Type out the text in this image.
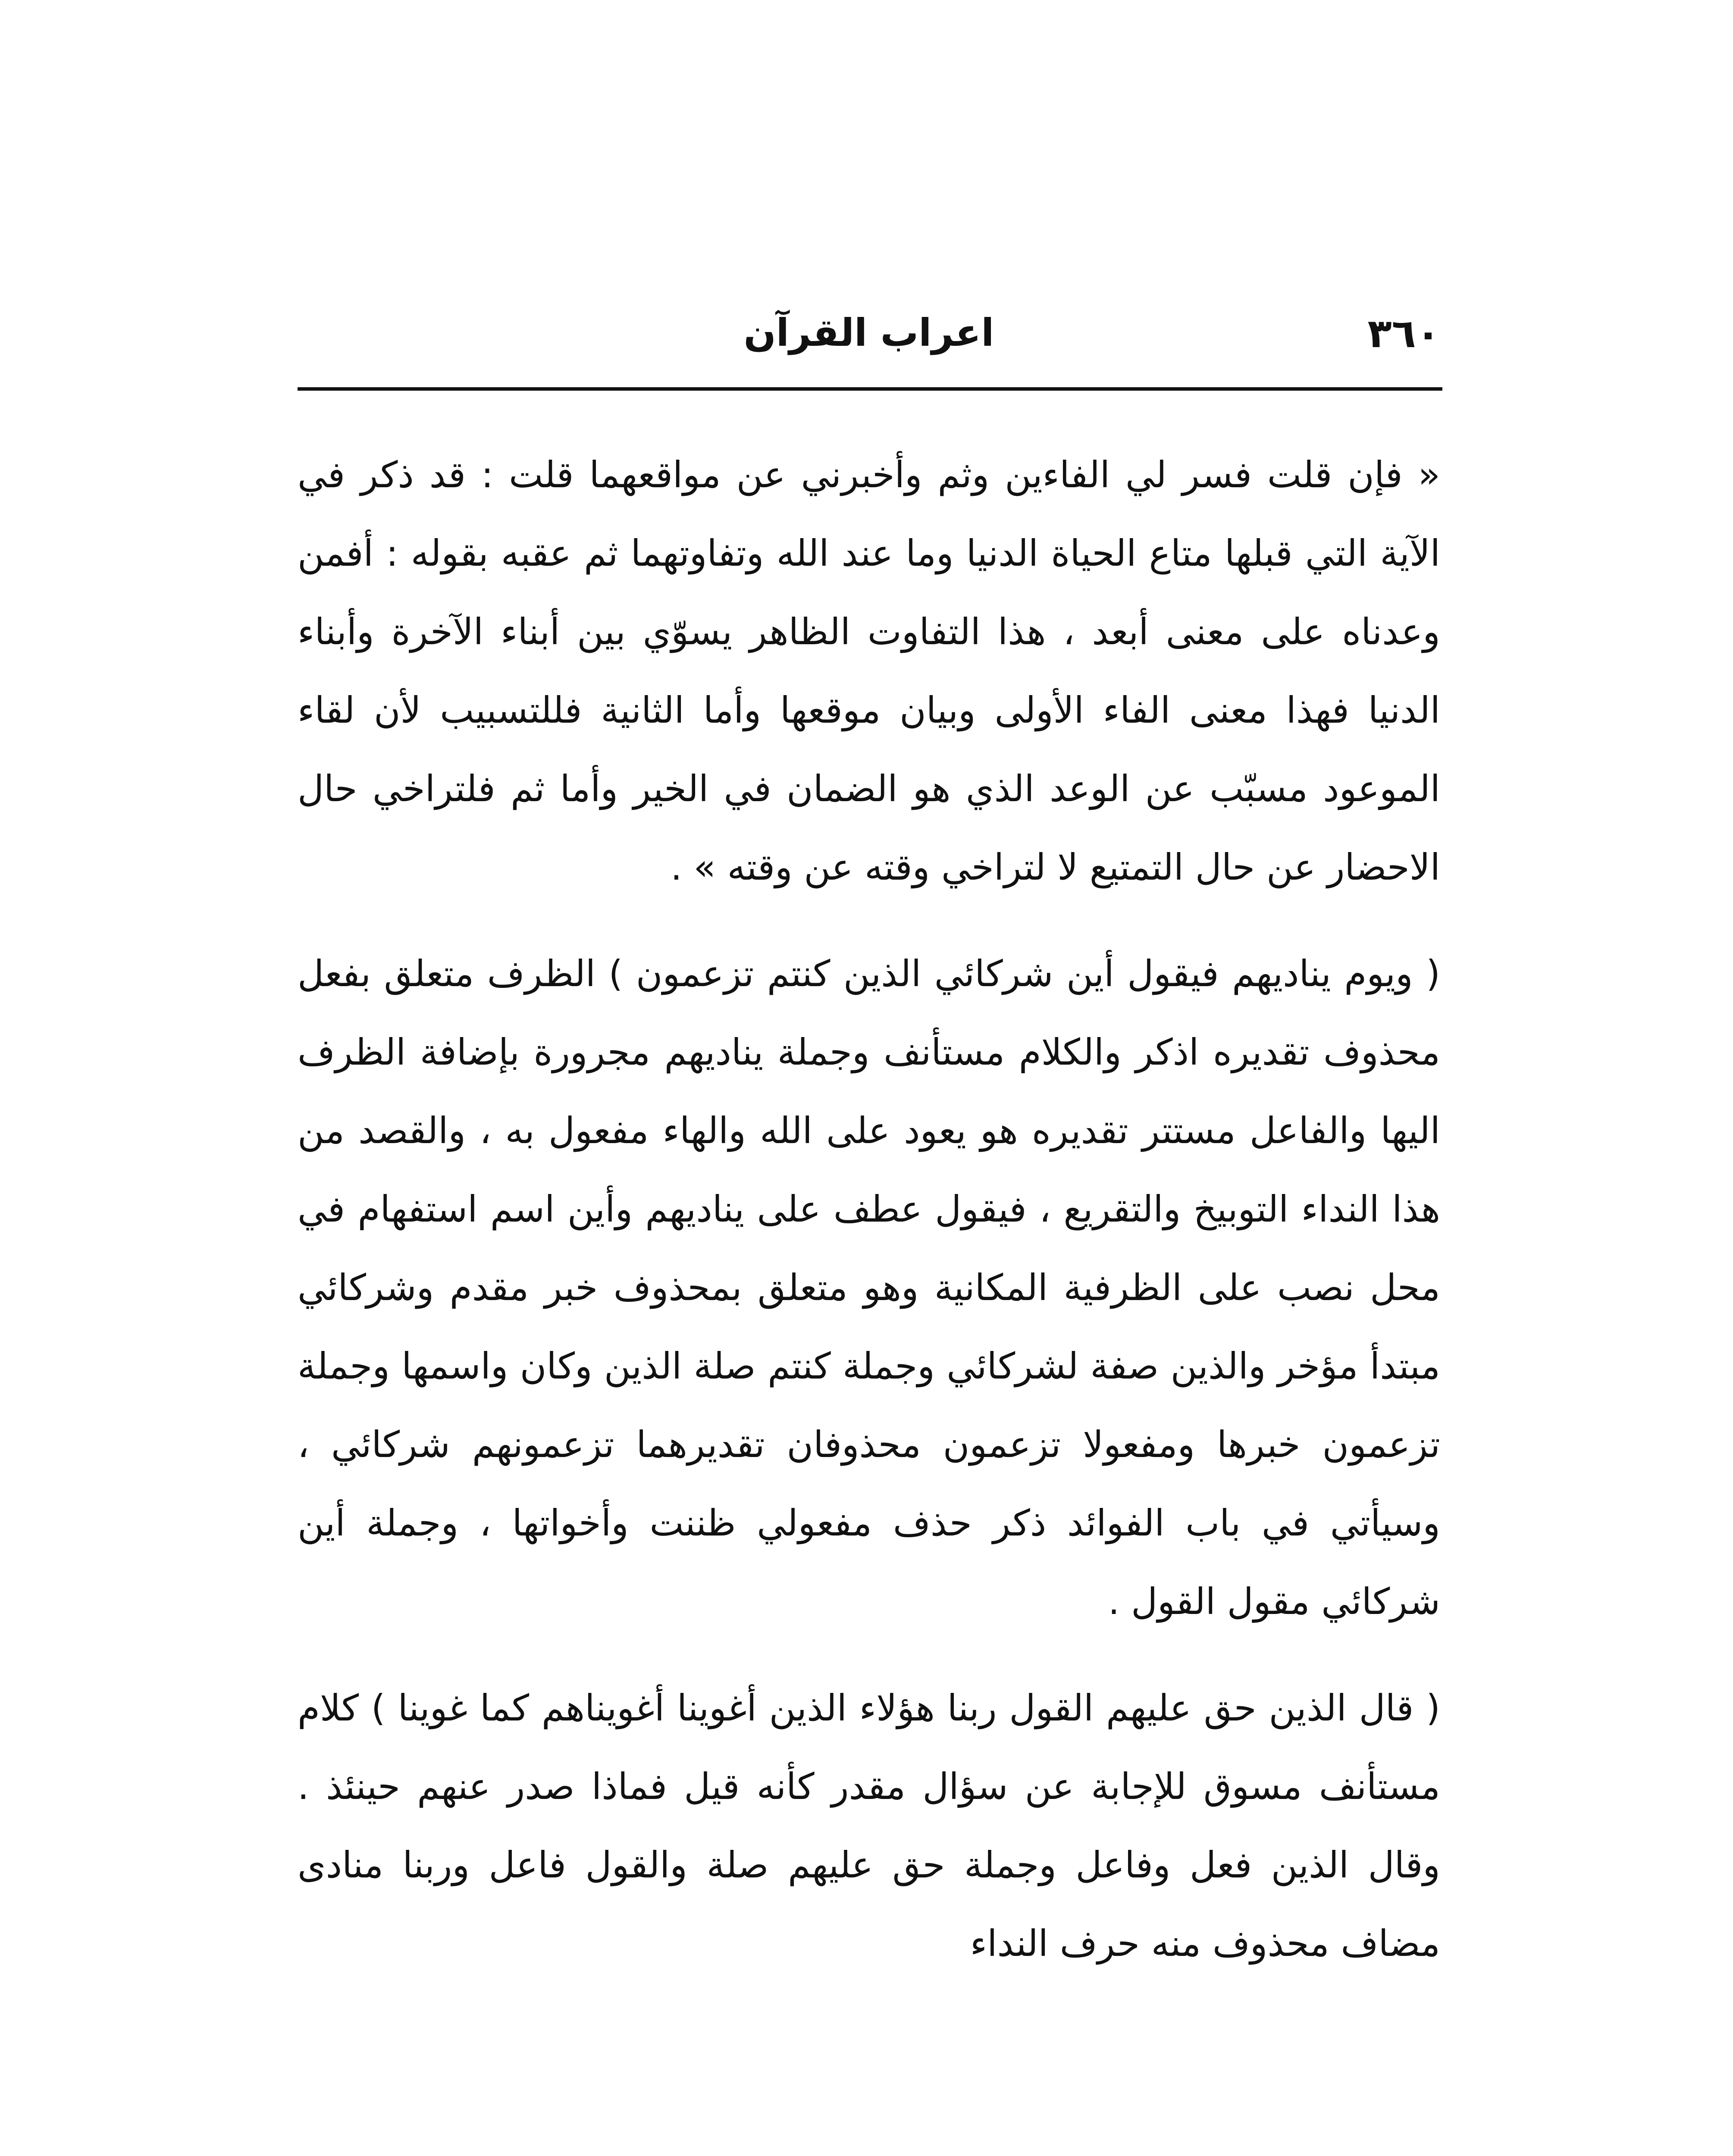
٣٦٠
اعراب القرآن

« فإن قلت فسر لي الفاءين وثم وأخبرني عن مواقعهما قلت : قد ذكر في الآية التي قبلها متاع الحياة الدنيا وما عند الله وتفاوتهما ثم عقبه بقوله : أفمن وعدناه على معنى أبعد ، هذا التفاوت الظاهر يسوّي بين أبناء الآخرة وأبناء الدنيا فهذا معنى الفاء الأولى وبيان موقعها وأما الثانية فللتسبيب لأن لقاء الموعود مسبّب عن الوعد الذي هو الضمان في الخير وأما ثم فلتراخي حال الاحضار عن حال التمتيع لا لتراخي وقته عن وقته » .

( ويوم يناديهم فيقول أين شركائي الذين كنتم تزعمون ) الظرف متعلق بفعل محذوف تقديره اذكر والكلام مستأنف وجملة يناديهم مجرورة بإضافة الظرف اليها والفاعل مستتر تقديره هو يعود على الله والهاء مفعول به ، والقصد من هذا النداء التوبيخ والتقريع ، فيقول عطف على يناديهم وأين اسم استفهام في محل نصب على الظرفية المكانية وهو متعلق بمحذوف خبر مقدم وشركائي مبتدأ مؤخر والذين صفة لشركائي وجملة كنتم صلة الذين وكان واسمها وجملة تزعمون خبرها ومفعولا تزعمون محذوفان تقديرهما تزعمونهم شركائي ، وسيأتي في باب الفوائد ذكر حذف مفعولي ظننت وأخواتها ، وجملة أين شركائي مقول القول .

( قال الذين حق عليهم القول ربنا هؤلاء الذين أغوينا أغويناهم كما غوينا ) كلام مستأنف مسوق للإجابة عن سؤال مقدر كأنه قيل فماذا صدر عنهم حينئذ . وقال الذين فعل وفاعل وجملة حق عليهم صلة والقول فاعل وربنا منادى مضاف محذوف منه حرف النداء
